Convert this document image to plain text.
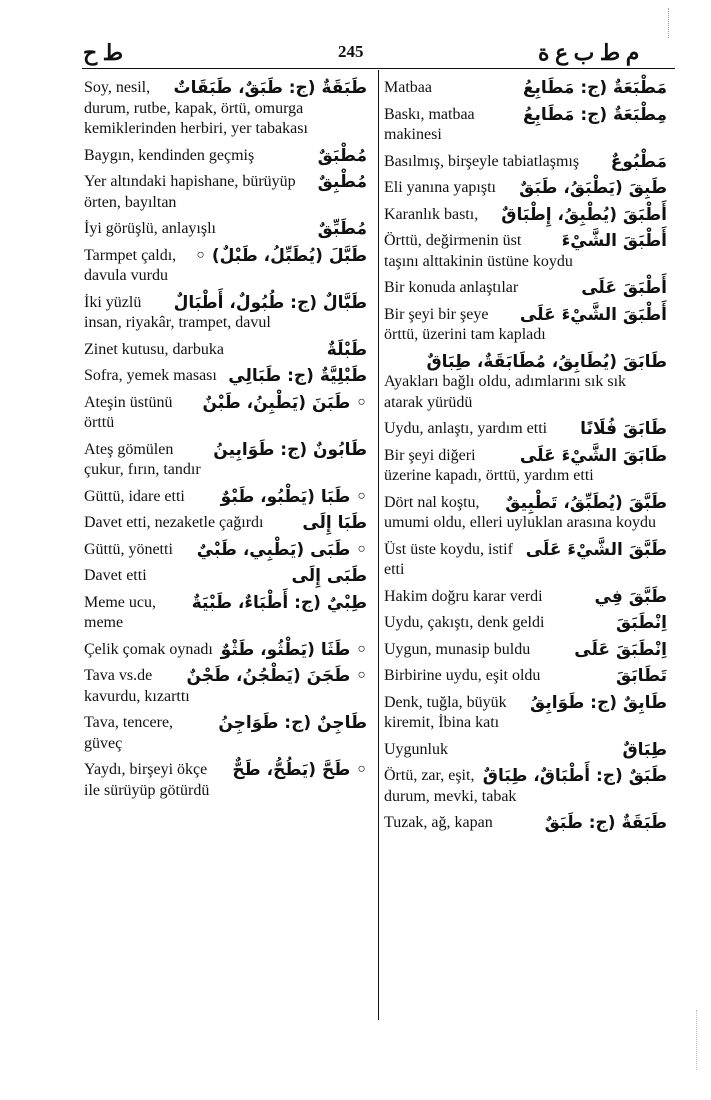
ط ح	245	م ط ب ع ة
طَبَقَةٌ (ج: طَبَقٌ، طَبَقَاتٌ
Soy, nesil, durum, rutbe, kapak, örtü, omurga kemiklerinden herbiri, yer tabakası
مُطْبَقٌ
Baygın, kendinden geçmiş
مُطْبِقٌ
Yer altındaki hapishane, bürüyüp örten, bayıltan
مُطَبِّقٌ
İyi görüşlü, anlayışlı
طَبَّلَ (يُطَبِّلُ، طَبْلٌ) ◦
Tarmpet çaldı, davula vurdu
طَبَّالٌ (ج: طُبُولٌ، أَطْبَالٌ
İki yüzlü insan, riyakâr, trampet, davul
طَبْلَةٌ
Zinet kutusu, darbuka
طَبْلِيَّةٌ (ج: طَبَالِي
Sofra, yemek masası
◦ طَبَنَ (يَطْبِنُ، طَبْنٌ
Ateşin üstünü örttü
طَابُونٌ (ج: طَوَابِينُ
Ateş gömülen çukur, fırın, tandır
◦ طَبَا (يَطْبُو، طَبْوٌ
Güttü, idare etti
طَبَا إِلَى
Davet etti, nezaketle çağırdı
◦ طَبَى (يَطْبِي، طَبْيٌ
Güttü, yönetti
طَبَى إِلَى
Davet etti
طِبْيٌ (ج: أَطْبَاءٌ، طَبْيَةٌ
Meme ucu, meme
◦ طَثَا (يَطْثُو، طَثْوٌ
Çelik çomak oynadı
◦ طَجَنَ (يَطْجُنُ، طَجْنٌ
Tava vs.de kavurdu, kızarttı
طَاجِنٌ (ج: طَوَاجِنُ
Tava, tencere, güveç
◦ طَحَّ (يَطُحُّ، طَحٌّ
Yaydı, birşeyi ökçe ile sürüyüp götürdü
مَطْبَعَةٌ (ج: مَطَابِعُ
Matbaa
مِطْبَعَةٌ (ج: مَطَابِعُ
Baskı, matbaa makinesi
مَطْبُوعٌ
Basılmış, birşeyle tabiatlaşmış
طَبِقَ (يَطْبَقُ، طَبَقٌ
Eli yanına yapıştı
أَطْبَقَ (يُطْبِقُ، إِطْبَاقٌ
Karanlık bastı,
أَطْبَقَ الشَّيْءَ
Örttü, değirmenin üst taşını alttakinin üstüne koydu
أَطْبَقَ عَلَى
Bir konuda anlaştılar
أَطْبَقَ الشَّيْءَ عَلَى
Bir şeyi bir şeye örttü, üzerini tam kapladı
طَابَقَ (يُطَابِقُ، مُطَابَقَةٌ، طِبَاقٌ
Ayakları bağlı oldu, adımlarını sık sık atarak yürüdü
طَابَقَ فُلَانًا
Uydu, anlaştı, yardım etti
طَابَقَ الشَّيْءَ عَلَى
Bir şeyi diğeri üzerine kapadı, örttü, yardım etti
طَبَّقَ (يُطَبِّقُ، تَطْبِيقٌ
Dört nal koştu, umumi oldu, elleri uyluklan arasına koydu
طَبَّقَ الشَّيْءَ عَلَى
Üst üste koydu, istif etti
طَبَّقَ فِي
Hakim doğru karar verdi
اِنْطَبَقَ
Uydu, çakıştı, denk geldi
اِنْطَبَقَ عَلَى
Uygun, munasip buldu
تَطَابَقَ
Birbirine uydu, eşit oldu
طَابِقٌ (ج: طَوَابِقُ
Denk, tuğla, büyük kiremit, İbina katı
طِبَاقٌ
Uygunluk
طَبَقٌ (ج: أَطْبَاقٌ، طِبَاقٌ
Örtü, zar, eşit, durum, mevki, tabak
طَبَقَةٌ (ج: طَبَقٌ
Tuzak, ağ, kapan
